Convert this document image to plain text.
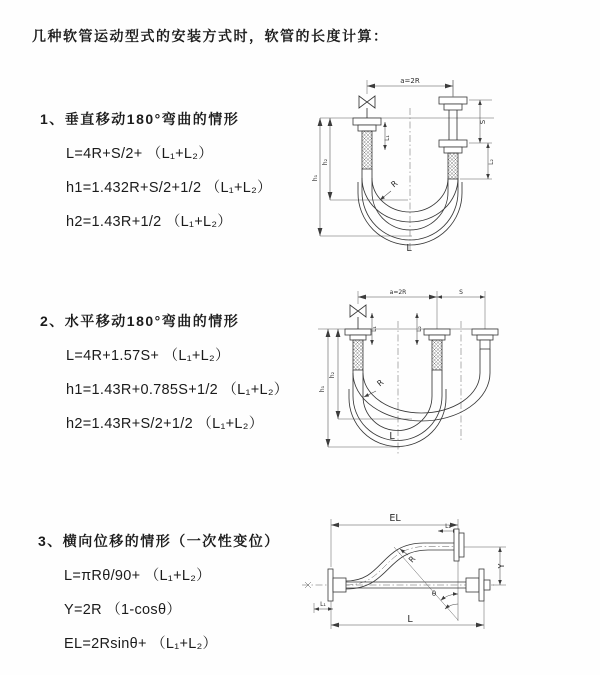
几种软管运动型式的安装方式时，软管的长度计算：
1、垂直移动180°弯曲的情形
L=4R+S/2+ （L₁+L₂）
h1=1.432R+S/2+1/2 （L₁+L₂）
h2=1.43R+1/2 （L₁+L₂）
a=2R
L₁
S
L₂
h₁
h₂
R
L
2、水平移动180°弯曲的情形
L=4R+1.57S+ （L₁+L₂）
h1=1.43R+0.785S+1/2 （L₁+L₂）
h2=1.43R+S/2+1/2 （L₁+L₂）
a=2R	S
L₁	L₂
h₁
h₂
R
L
3、横向位移的情形（一次性变位）
L=πRθ/90+ （L₁+L₂）
Y=2R （1-cosθ）
EL=2Rsinθ+ （L₁+L₂）
EL
L₁
Y
R
θ
L₁
L
